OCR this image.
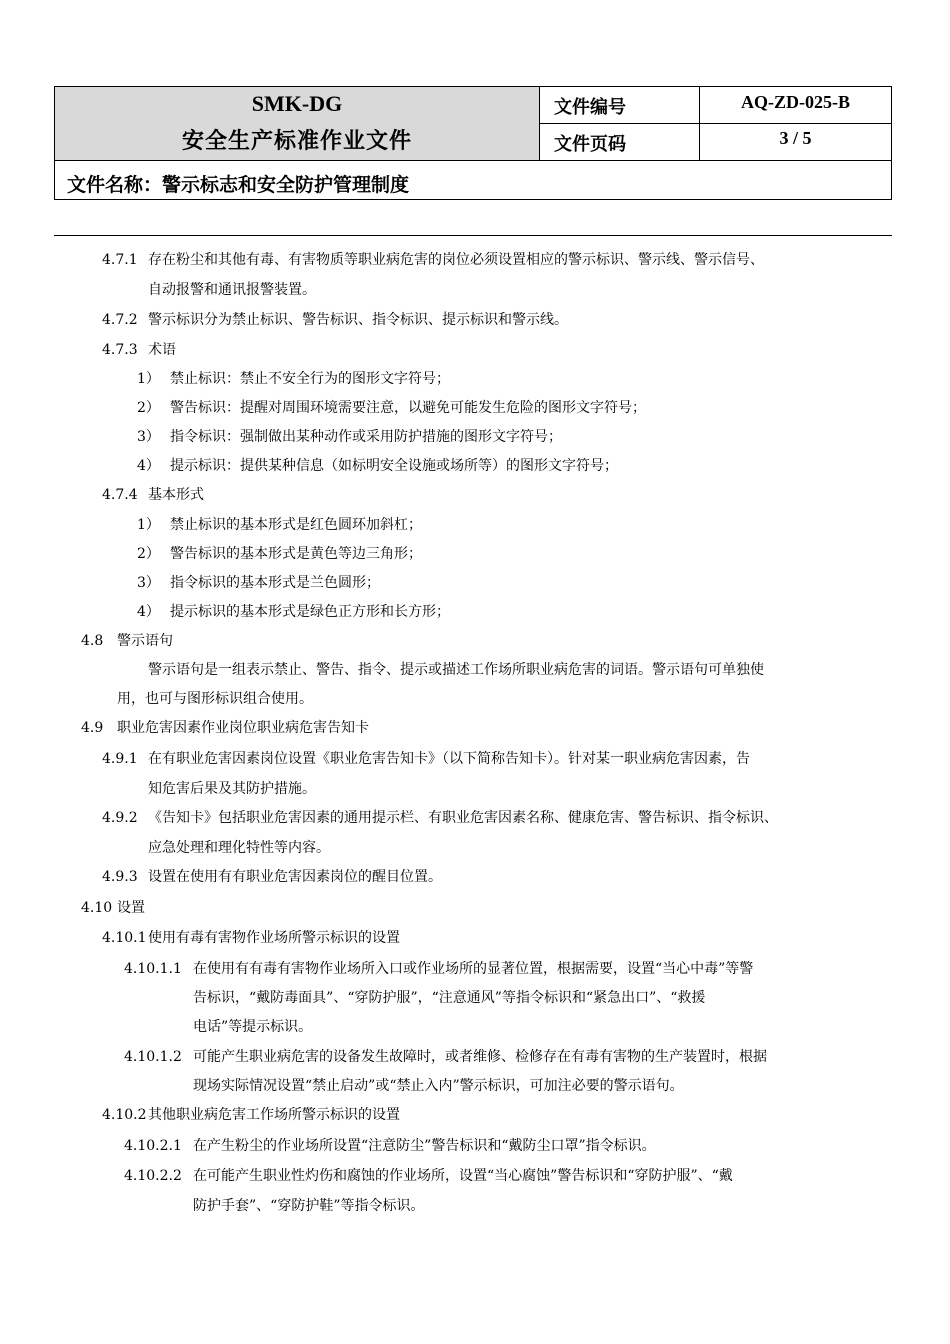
SMK-DG
安全生产标准作业文件
文件编号	AQ-ZD-025-B
文件页码	3 / 5
文件名称：警示标志和安全防护管理制度
4.7.1 存在粉尘和其他有毒、有害物质等职业病危害的岗位必须设置相应的警示标识、警示线、警示信号、
自动报警和通讯报警装置。
4.7.2 警示标识分为禁止标识、警告标识、指令标识、提示标识和警示线。
4.7.3 术语
1） 禁止标识：禁止不安全行为的图形文字符号；
2） 警告标识：提醒对周围环境需要注意，以避免可能发生危险的图形文字符号；
3） 指令标识：强制做出某种动作或采用防护措施的图形文字符号；
4） 提示标识：提供某种信息（如标明安全设施或场所等）的图形文字符号；
4.7.4 基本形式
1） 禁止标识的基本形式是红色圆环加斜杠；
2） 警告标识的基本形式是黄色等边三角形；
3） 指令标识的基本形式是兰色圆形；
4） 提示标识的基本形式是绿色正方形和长方形；
4.8 警示语句
警示语句是一组表示禁止、警告、指令、提示或描述工作场所职业病危害的词语。警示语句可单独使
用，也可与图形标识组合使用。
4.9 职业危害因素作业岗位职业病危害告知卡
4.9.1 在有职业危害因素岗位设置《职业危害告知卡》（以下简称告知卡）。针对某一职业病危害因素，告
知危害后果及其防护措施。
4.9.2 《告知卡》包括职业危害因素的通用提示栏、有职业危害因素名称、健康危害、警告标识、指令标识、
应急处理和理化特性等内容。
4.9.3 设置在使用有有职业危害因素岗位的醒目位置。
4.10 设置
4.10.1 使用有毒有害物作业场所警示标识的设置
4.10.1.1 在使用有有毒有害物作业场所入口或作业场所的显著位置，根据需要，设置“当心中毒”等警
告标识，“戴防毒面具”、“穿防护服”，“注意通风”等指令标识和“紧急出口”、“救援
电话”等提示标识。
4.10.1.2 可能产生职业病危害的设备发生故障时，或者维修、检修存在有毒有害物的生产装置时，根据
现场实际情况设置“禁止启动”或“禁止入内”警示标识，可加注必要的警示语句。
4.10.2 其他职业病危害工作场所警示标识的设置
4.10.2.1 在产生粉尘的作业场所设置“注意防尘”警告标识和“戴防尘口罩”指令标识。
4.10.2.2 在可能产生职业性灼伤和腐蚀的作业场所，设置“当心腐蚀”警告标识和“穿防护服”、“戴
防护手套”、“穿防护鞋”等指令标识。
